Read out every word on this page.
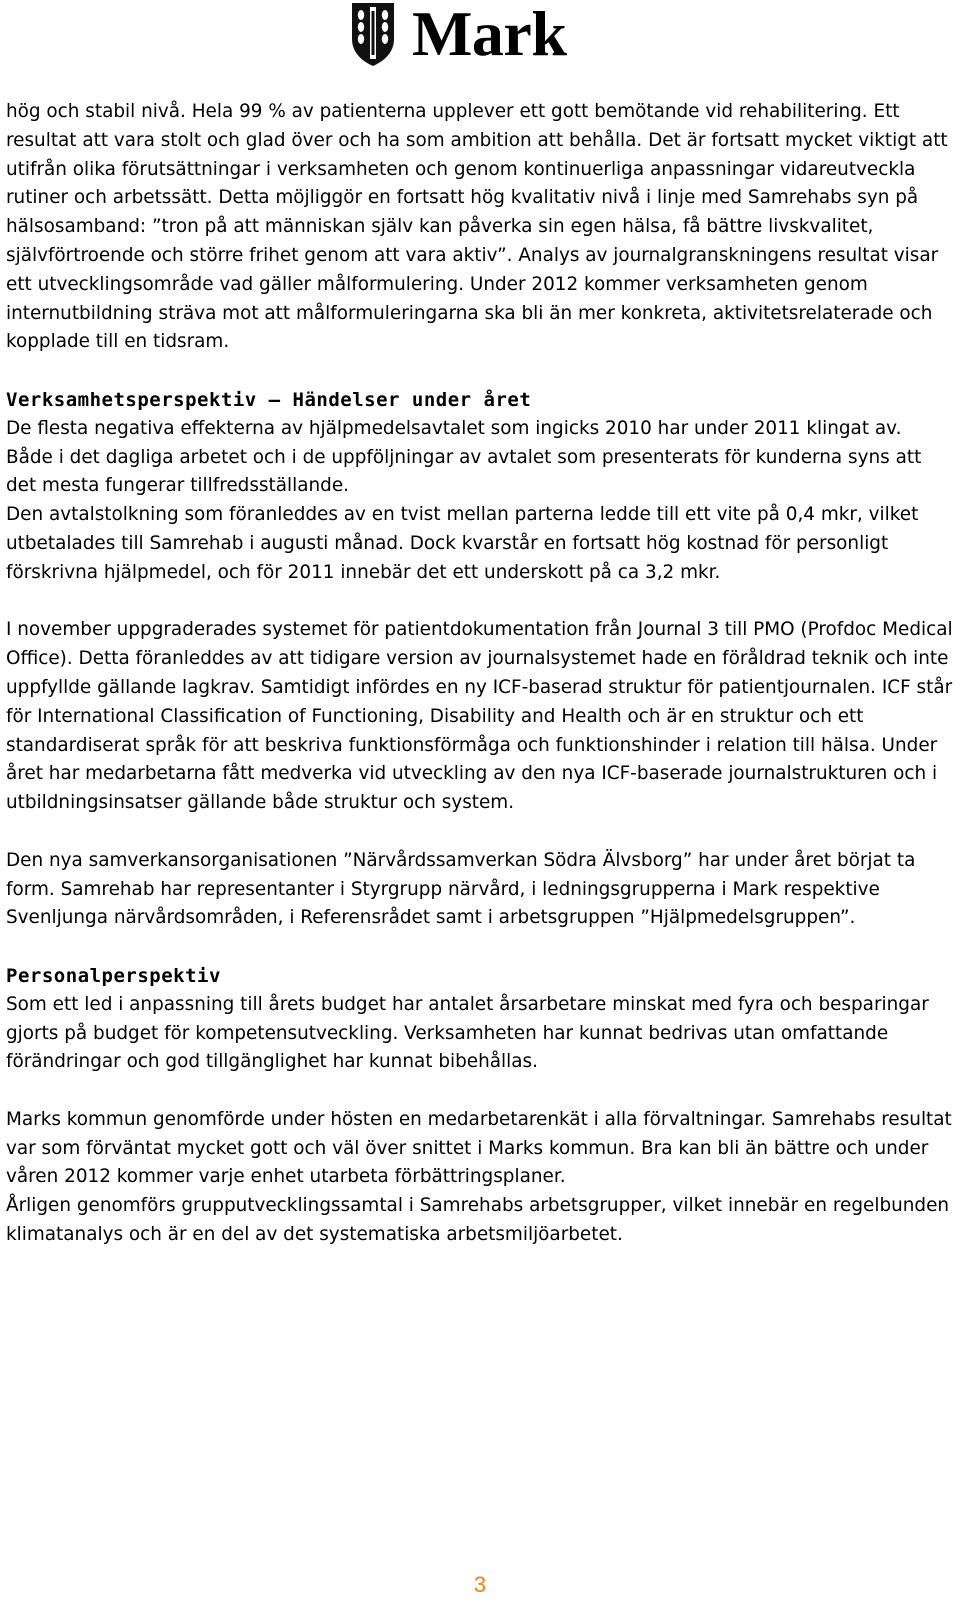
Mark

hög och stabil nivå. Hela 99 % av patienterna upplever ett gott bemötande vid rehabilitering. Ett resultat att vara stolt och glad över och ha som ambition att behålla. Det är fortsatt mycket viktigt att utifrån olika förutsättningar i verksamheten och genom kontinuerliga anpassningar vidareutveckla rutiner och arbetssätt. Detta möjliggör en fortsatt hög kvalitativ nivå i linje med Samrehabs syn på hälsosamband: ”tron på att människan själv kan påverka sin egen hälsa, få bättre livskvalitet, självförtroende och större frihet genom att vara aktiv”. Analys av journalgranskningens resultat visar ett utvecklingsområde vad gäller målformulering. Under 2012 kommer verksamheten genom internutbildning sträva mot att målformuleringarna ska bli än mer konkreta, aktivitetsrelaterade och kopplade till en tidsram.

Verksamhetsperspektiv – Händelser under året

De flesta negativa effekterna av hjälpmedelsavtalet som ingicks 2010 har under 2011 klingat av. Både i det dagliga arbetet och i de uppföljningar av avtalet som presenterats för kunderna syns att det mesta fungerar tillfredsställande.

Den avtalstolkning som föranleddes av en tvist mellan parterna ledde till ett vite på 0,4 mkr, vilket utbetalades till Samrehab i augusti månad. Dock kvarstår en fortsatt hög kostnad för personligt förskrivna hjälpmedel, och för 2011 innebär det ett underskott på ca 3,2 mkr.

I november uppgraderades systemet för patientdokumentation från Journal 3 till PMO (Profdoc Medical Office). Detta föranleddes av att tidigare version av journalsystemet hade en föråldrad teknik och inte uppfyllde gällande lagkrav. Samtidigt infördes en ny ICF-baserad struktur för patientjournalen. ICF står för International Classification of Functioning, Disability and Health och är en struktur och ett standardiserat språk för att beskriva funktionsförmåga och funktionshinder i relation till hälsa. Under året har medarbetarna fått medverka vid utveckling av den nya ICF-baserade journalstrukturen och i utbildningsinsatser gällande både struktur och system.

Den nya samverkansorganisationen ”Närvårdssamverkan Södra Älvsborg” har under året börjat ta form. Samrehab har representanter i Styrgrupp närvård, i ledningsgrupperna i Mark respektive Svenljunga närvårdsområden, i Referensrådet samt i arbetsgruppen ”Hjälpmedelsgruppen”.

Personalperspektiv

Som ett led i anpassning till årets budget har antalet årsarbetare minskat med fyra och besparingar gjorts på budget för kompetensutveckling. Verksamheten har kunnat bedrivas utan omfattande förändringar och god tillgänglighet har kunnat bibehållas.

Marks kommun genomförde under hösten en medarbetarenkät i alla förvaltningar. Samrehabs resultat var som förväntat mycket gott och väl över snittet i Marks kommun. Bra kan bli än bättre och under våren 2012 kommer varje enhet utarbeta förbättringsplaner.

Årligen genomförs grupputvecklingssamtal i Samrehabs arbetsgrupper, vilket innebär en regelbunden klimatanalys och är en del av det systematiska arbetsmiljöarbetet.

3
